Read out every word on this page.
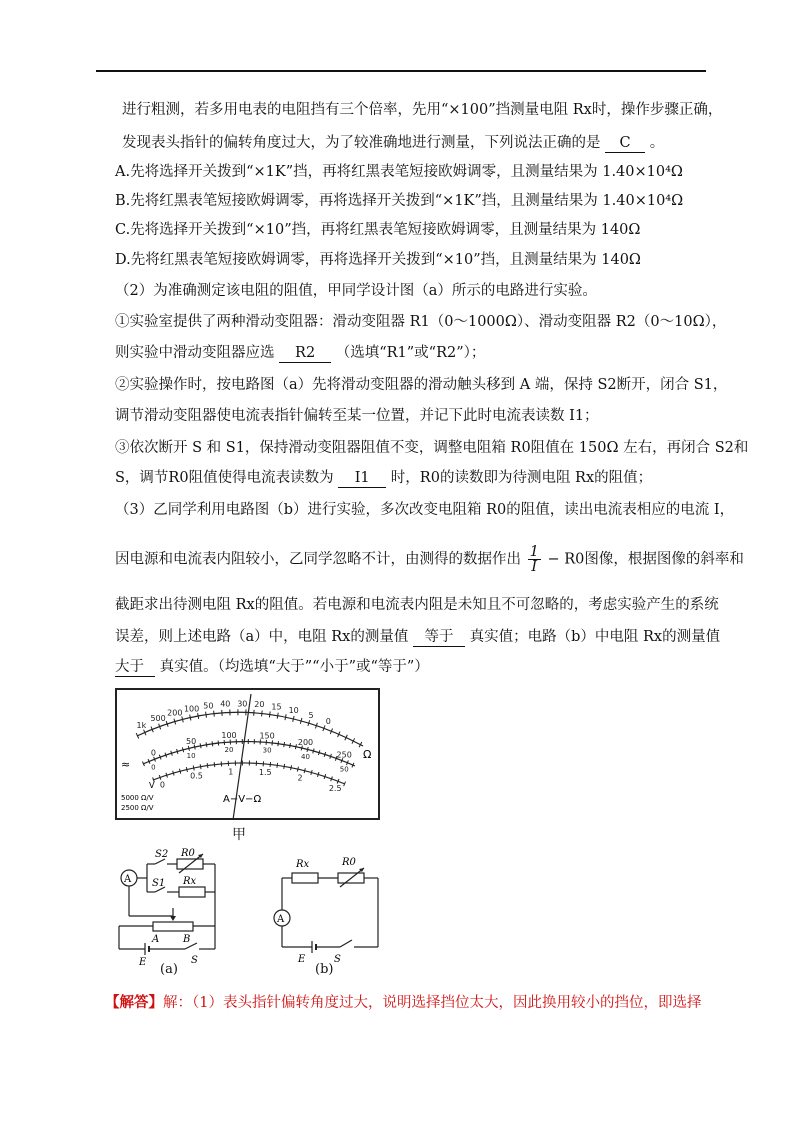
进行粗测，若多用电表的电阻挡有三个倍率，先用“×100”挡测量电阻 Rx时，操作步骤正确，
发现表头指针的偏转角度过大，为了较准确地进行测量，下列说法正确的是 C 。
A.先将选择开关拨到“×1K”挡，再将红黑表笔短接欧姆调零，且测量结果为 1.40×10⁴Ω
B.先将红黑表笔短接欧姆调零，再将选择开关拨到“×1K”挡，且测量结果为 1.40×10⁴Ω
C.先将选择开关拨到“×10”挡，再将红黑表笔短接欧姆调零，且测量结果为 140Ω
D.先将红黑表笔短接欧姆调零，再将选择开关拨到“×10”挡，且测量结果为 140Ω
（2）为准确测定该电阻的阻值，甲同学设计图（a）所示的电路进行实验。
①实验室提供了两种滑动变阻器：滑动变阻器 R1（0～1000Ω）、滑动变阻器 R2（0～10Ω），
则实验中滑动变阻器应选 R2 （选填“R1”或“R2”）；
②实验操作时，按电路图（a）先将滑动变阻器的滑动触头移到 A 端，保持 S2断开，闭合 S1，
调节滑动变阻器使电流表指针偏转至某一位置，并记下此时电流表读数 I1；
③依次断开 S 和 S1，保持滑动变阻器阻值不变，调整电阻箱 R0阻值在 150Ω 左右，再闭合 S2和
S，调节R0阻值使得电流表读数为 I1 时，R0的读数即为待测电阻 Rx的阻值；
（3）乙同学利用电路图（b）进行实验，多次改变电阻箱 R0的阻值，读出电流表相应的电流 I，
因电源和电流表内阻较小，乙同学忽略不计，由测得的数据作出 $\frac{1}{I} - R0$图像，根据图像的斜率和
截距求出待测电阻 Rx的阻值。若电源和电流表内阻是未知且不可忽略的，考虑实验产生的系统
误差，则上述电路（a）中，电阻 Rx的测量值 等于 真实值；电路（b）中电阻 Rx的测量值
大于 真实值。（均选填“大于”“小于”或“等于”）
1k
500
200 100 50 40 30 20 15 10
5
0
0
50
100	150
200
250
0
10
20	30
40
50
0
0.5	1	1.5
2
2.5
Ω
≈
V
A−V−Ω
5000 Ω/V
2500 Ω/V
甲
A
S2 R0
S1 Rx
A B
E	S
(a)
A
Rx	R0
E	S
(b)
【解答】解：（1）表头指针偏转角度过大，说明选择挡位太大，因此换用较小的挡位，即选择
